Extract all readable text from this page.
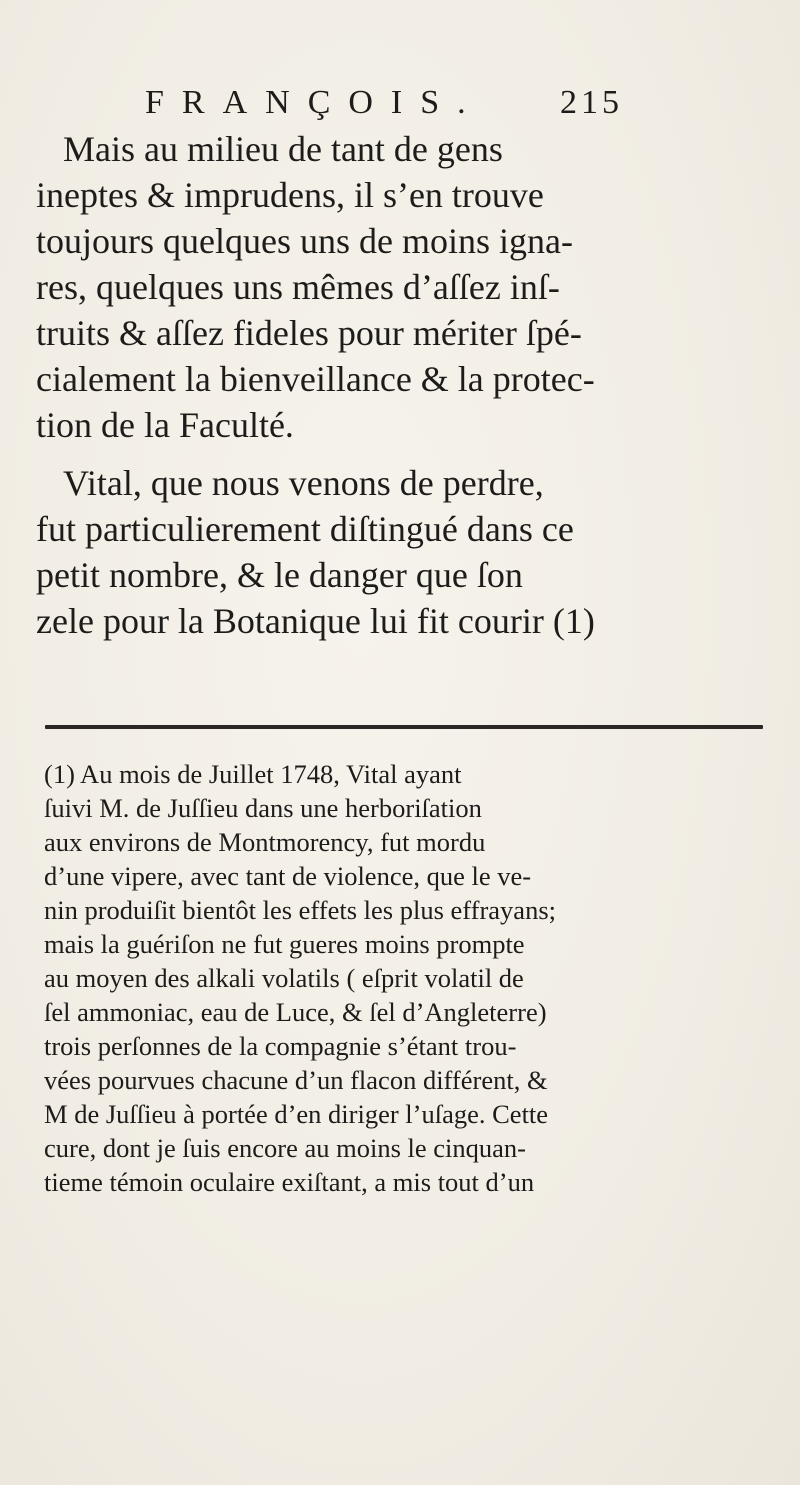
FRANÇOIS. 215
Mais au milieu de tant de gens
ineptes & imprudens, il s’en trouve
toujours quelques uns de moins igna-
res, quelques uns mêmes d’aſſez inſ-
truits & aſſez fideles pour mériter ſpé-
cialement la bienveillance & la protec-
tion de la Faculté.
Vital, que nous venons de perdre,
fut particulierement diſtingué dans ce
petit nombre, & le danger que ſon
zele pour la Botanique lui fit courir (1)
(1) Au mois de Juillet 1748, Vital ayant
ſuivi M. de Juſſieu dans une herboriſation
aux environs de Montmorency, fut mordu
d’une vipere, avec tant de violence, que le ve-
nin produiſit bientôt les effets les plus effrayans;
mais la guériſon ne fut gueres moins prompte
au moyen des alkali volatils ( eſprit volatil de
ſel ammoniac, eau de Luce, & ſel d’Angleterre)
trois perſonnes de la compagnie s’étant trou-
vées pourvues chacune d’un flacon différent, &
M de Juſſieu à portée d’en diriger l’uſage. Cette
cure, dont je ſuis encore au moins le cinquan-
tieme témoin oculaire exiſtant, a mis tout d’un
